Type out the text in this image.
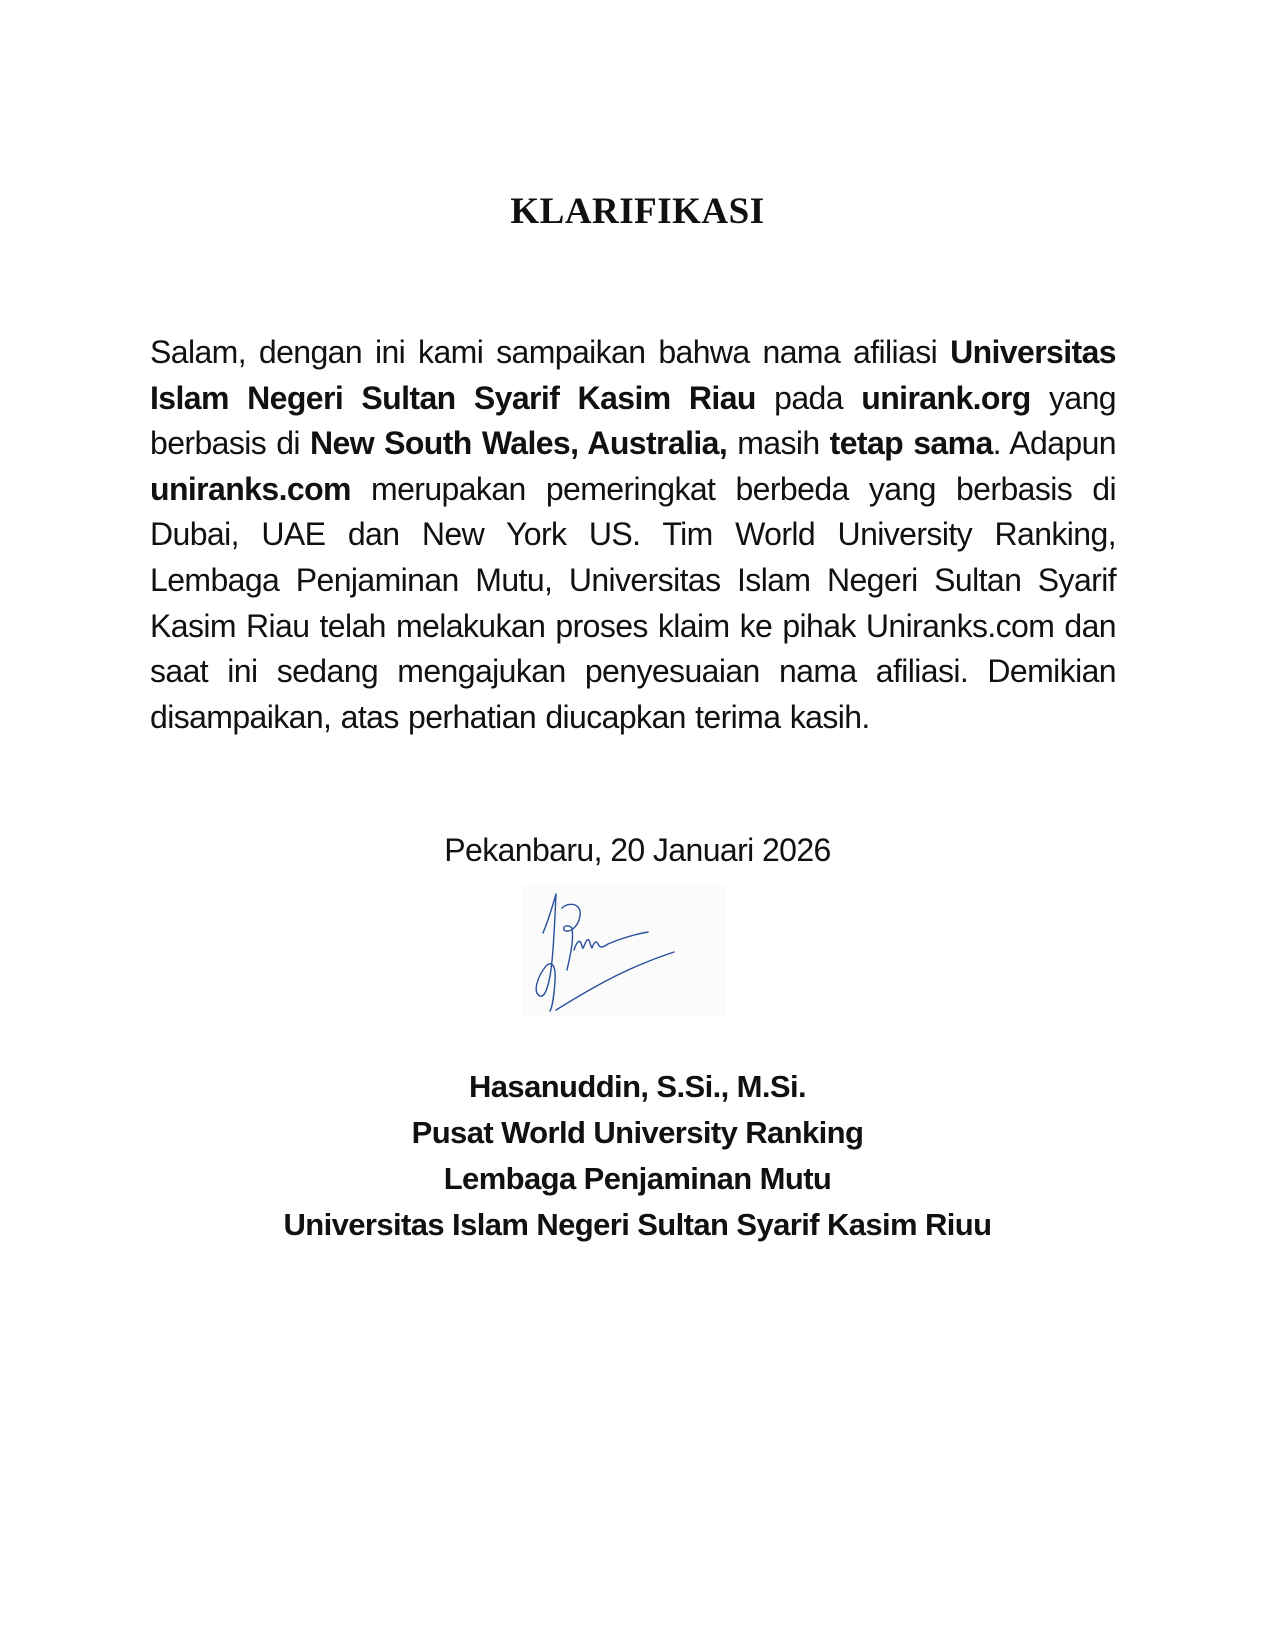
KLARIFIKASI
Salam, dengan ini kami sampaikan bahwa nama afiliasi Universitas Islam Negeri Sultan Syarif Kasim Riau pada unirank.org yang berbasis di New South Wales, Australia, masih tetap sama. Adapun uniranks.com merupakan pemeringkat berbeda yang berbasis di Dubai, UAE dan New York US. Tim World University Ranking, Lembaga Penjaminan Mutu, Universitas Islam Negeri Sultan Syarif Kasim Riau telah melakukan proses klaim ke pihak Uniranks.com dan saat ini sedang mengajukan penyesuaian nama afiliasi. Demikian disampaikan, atas perhatian diucapkan terima kasih.
Pekanbaru, 20 Januari 2026
Hasanuddin, S.Si., M.Si.
Pusat World University Ranking
Lembaga Penjaminan Mutu
Universitas Islam Negeri Sultan Syarif Kasim Riuu
